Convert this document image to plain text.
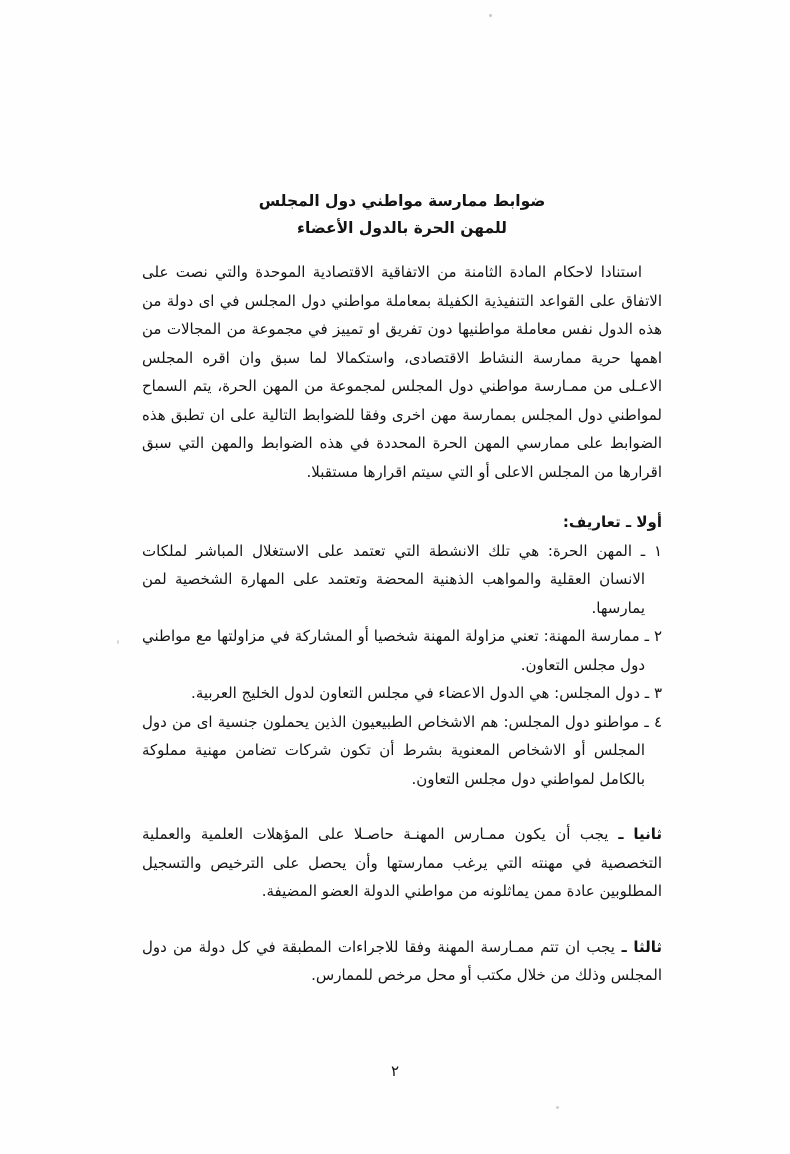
ضوابط ممارسة مواطني دول المجلس

للمهن الحرة بالدول الأعضاء

استنادا لاحكام المادة الثامنة من الاتفاقية الاقتصادية الموحدة والتي نصت على الاتفاق على القواعد التنفيذية الكفيلة بمعاملة مواطني دول المجلس في اى دولة من هذه الدول نفس معاملة مواطنيها دون تفريق او تمييز في مجموعة من المجالات من اهمها حرية ممارسة النشاط الاقتصادى، واستكمالا لما سبق وان اقره المجلس الاعـلى من ممـارسة مواطني دول المجلس لمجموعة من المهن الحرة، يتم السماح لمواطني دول المجلس بممارسة مهن اخرى وفقا للضوابط التالية على ان تطبق هذه الضوابط على ممارسي المهن الحرة المحددة في هذه الضوابط والمهن التي سبق اقرارها من المجلس الاعلى أو التي سيتم اقرارها مستقبلا.

أولا ـ تعاريف:

١ ـ المهن الحرة: هي تلك الانشطة التي تعتمد على الاستغلال المباشر لملكات الانسان العقلية والمواهب الذهنية المحضة وتعتمد على المهارة الشخصية لمن يمارسها.

٢ ـ ممارسة المهنة: تعني مزاولة المهنة شخصيا أو المشاركة في مزاولتها مع مواطني دول مجلس التعاون.

٣ ـ دول المجلس: هي الدول الاعضاء في مجلس التعاون لدول الخليج العربية.

٤ ـ مواطنو دول المجلس: هم الاشخاص الطبيعيون الذين يحملون جنسية اى من دول المجلس أو الاشخاص المعنوية بشرط أن تكون شركات تضامن مهنية مملوكة بالكامل لمواطني دول مجلس التعاون.

ثانيا ـ يجب أن يكون ممـارس المهنـة حاصـلا على المؤهلات العلمية والعملية التخصصية في مهنته التي يرغب ممارستها وأن يحصل على الترخيص والتسجيل المطلوبين عادة ممن يماثلونه من مواطني الدولة العضو المضيفة.

ثالثا ـ يجب ان تتم ممـارسة المهنة وفقا للاجراءات المطبقة في كل دولة من دول المجلس وذلك من خلال مكتب أو محل مرخص للممارس.

٢
